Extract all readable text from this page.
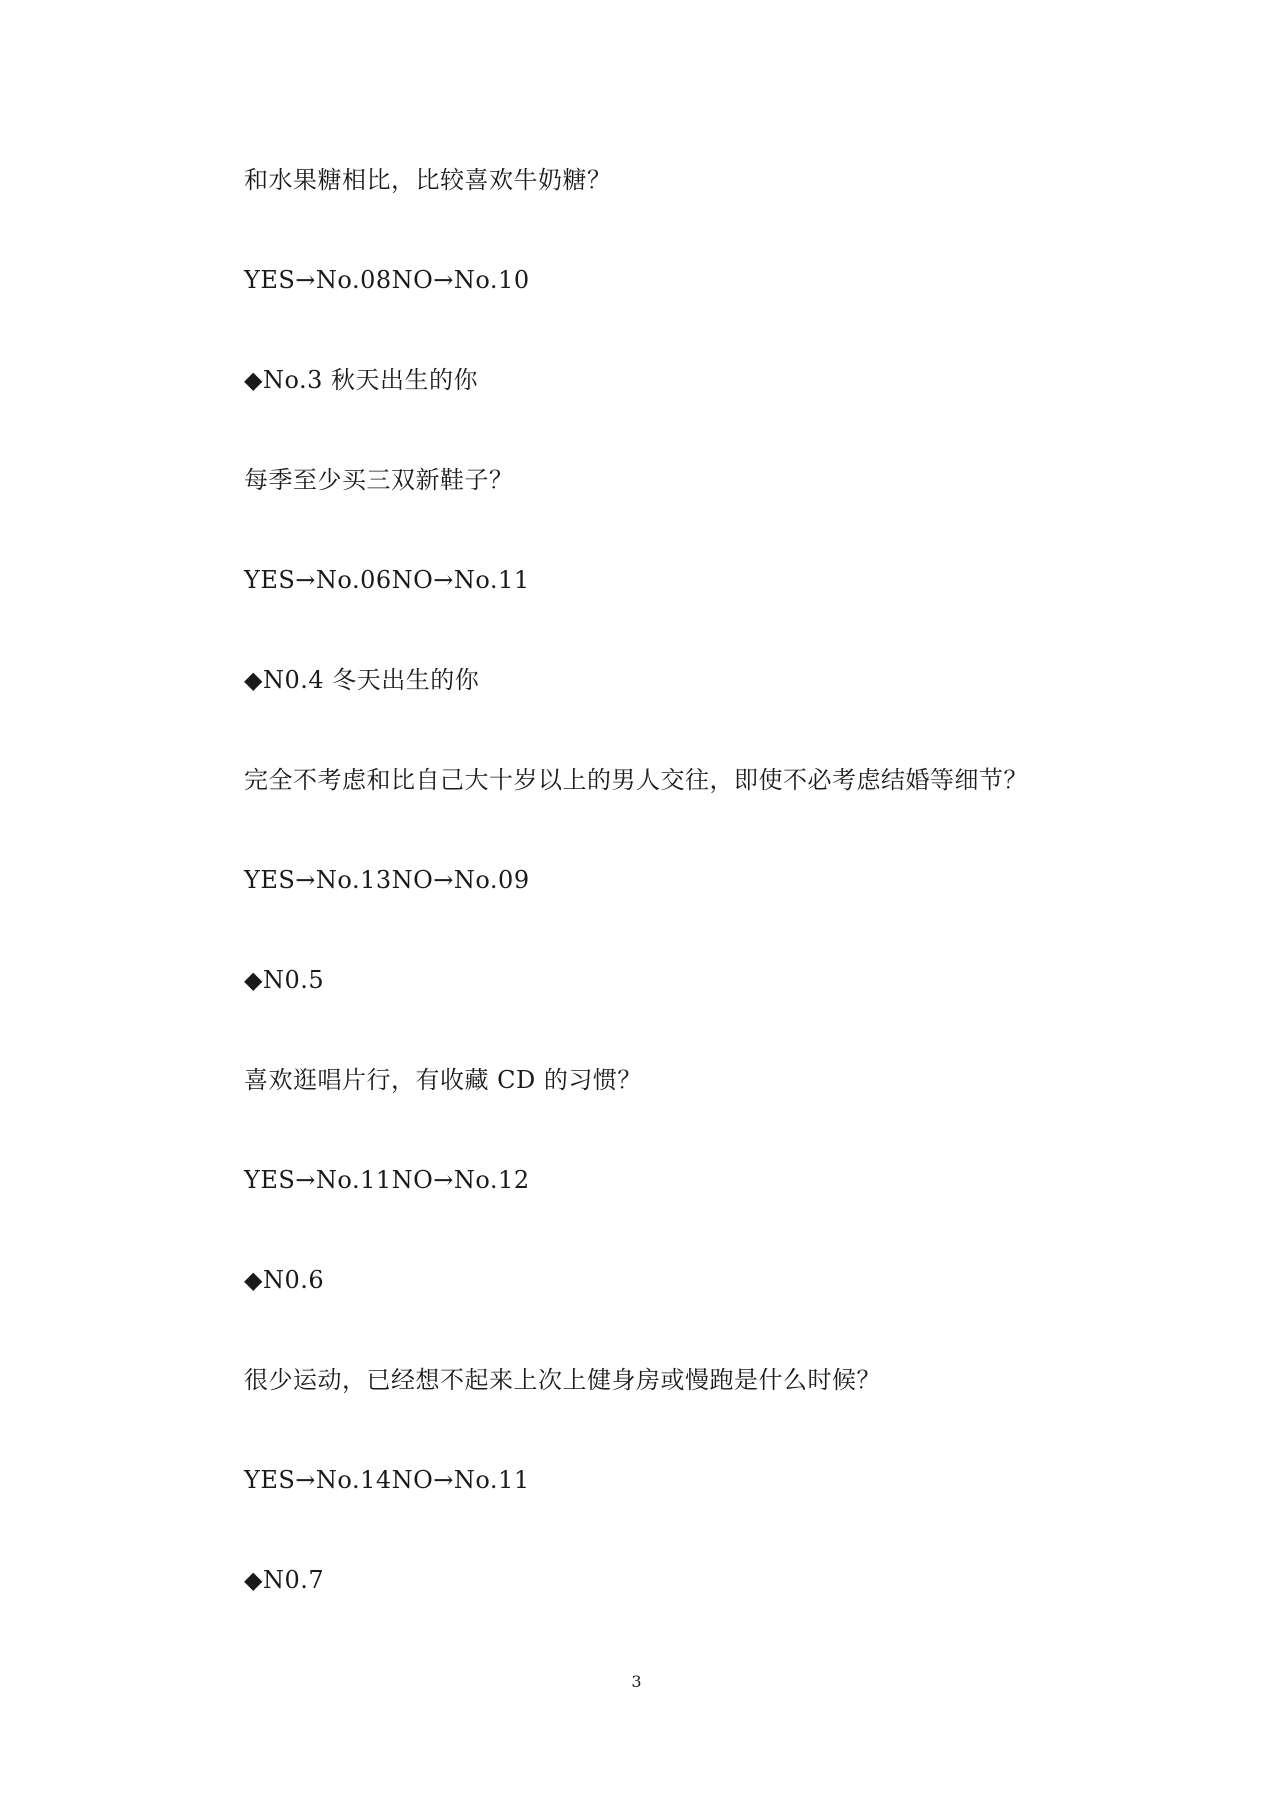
和水果糖相比，比较喜欢牛奶糖？
YES→No.08NO→No.10
◆No.3 秋天出生的你
每季至少买三双新鞋子？
YES→No.06NO→No.11
◆N0.4 冬天出生的你
完全不考虑和比自己大十岁以上的男人交往，即使不必考虑结婚等细节？
YES→No.13NO→No.09
◆N0.5
喜欢逛唱片行，有收藏 CD 的习惯？
YES→No.11NO→No.12
◆N0.6
很少运动，已经想不起来上次上健身房或慢跑是什么时候？
YES→No.14NO→No.11
◆N0.7
3
